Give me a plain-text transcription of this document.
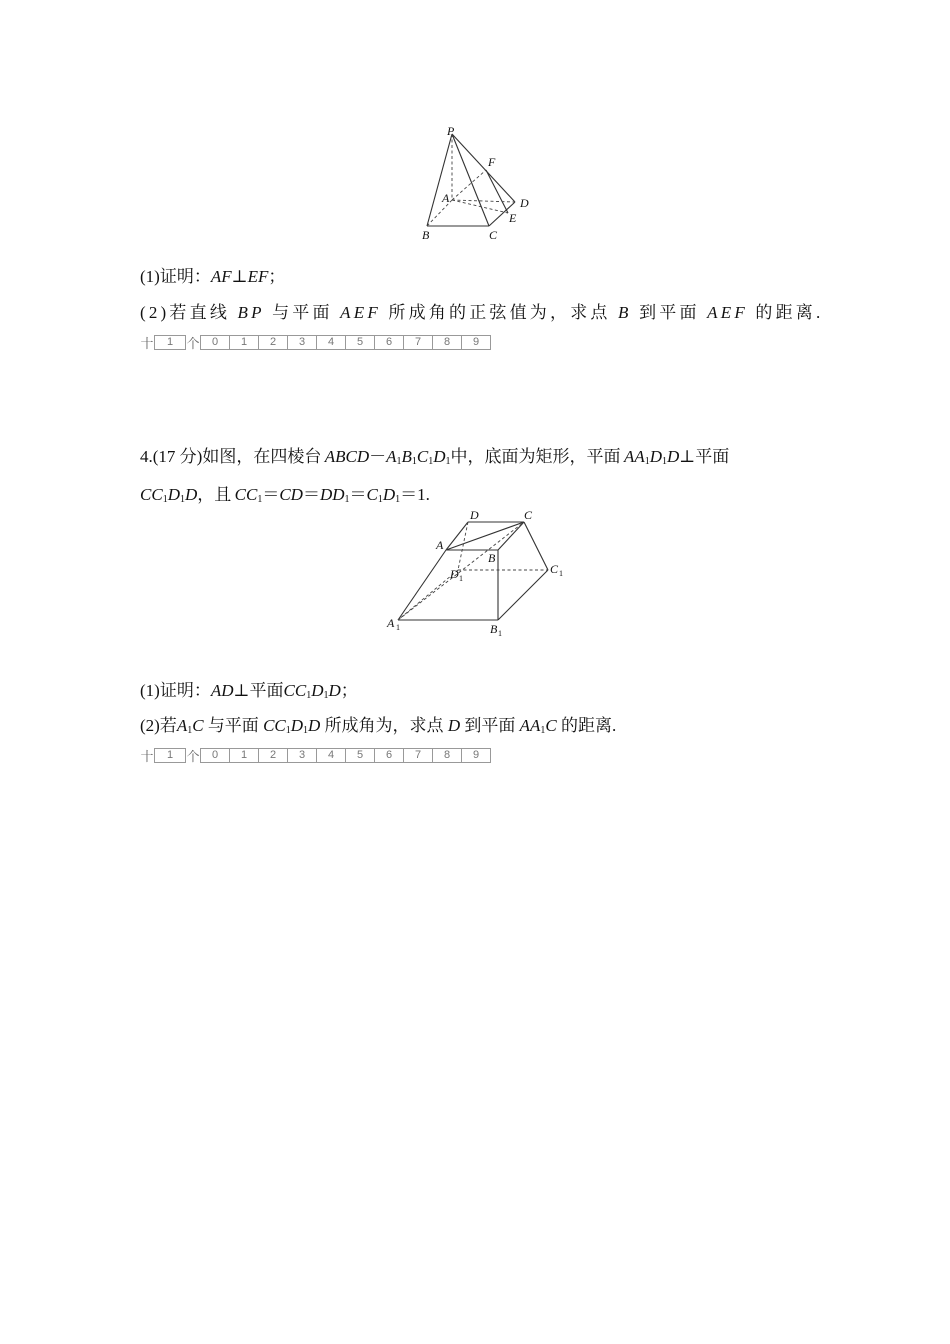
P
F
A	D
E
B	C
(1)证明：AF⊥EF；
(2)若直线 BP 与平面 AEF 所成角的正弦值为，求点 B 到平面 AEF 的距离.
十	1	个	0	1	2	3	4	5	6	7	8	9
4.(17 分)如图，在四棱台  ABCD－A1B1C1D1中，底面为矩形，平面  AA1D1D⊥平面
CC1D1D，且  CC1＝CD＝DD1＝C1D1＝1.
D	C
A
B
D 1
C 1
A 1	B 1
(1)证明：AD⊥平面CC1D1D；
(2)若A1C 与平面 CC1D1D 所成角为，求点 D 到平面 AA1C 的距离.
十	1	个	0	1	2	3	4	5	6	7	8	9
